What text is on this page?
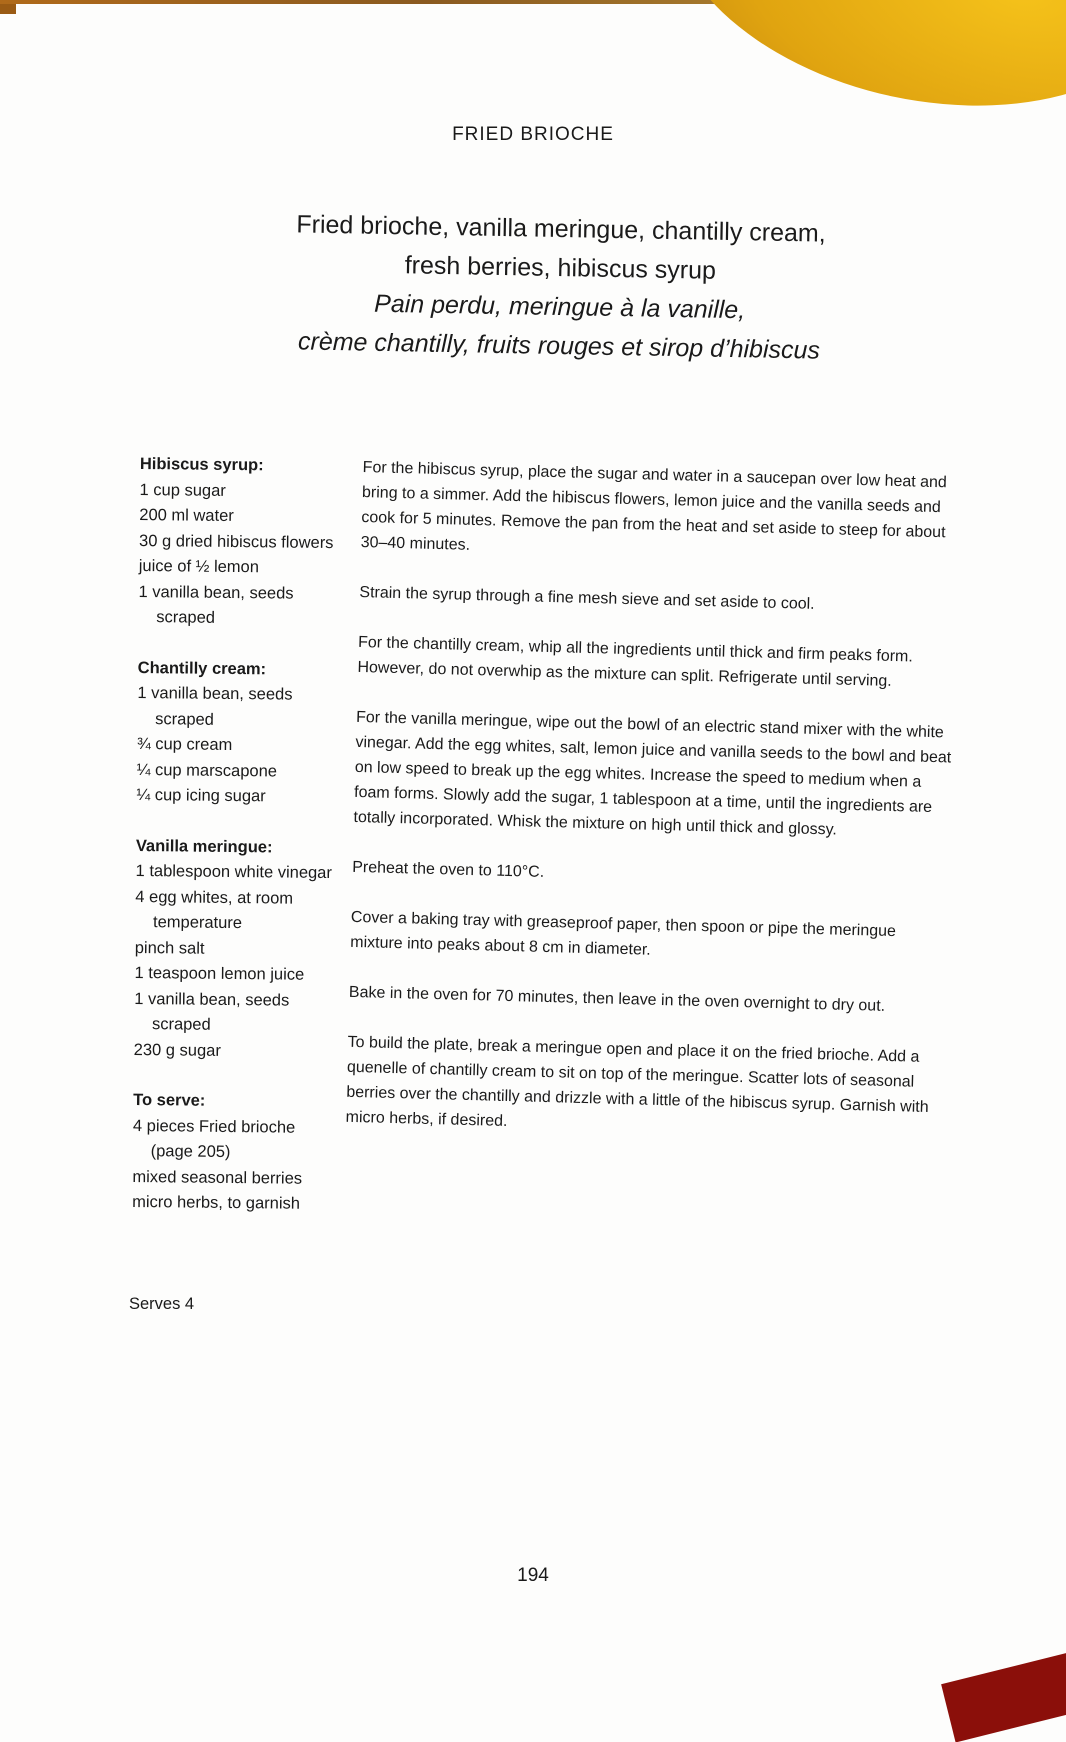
FRIED BRIOCHE
Fried brioche, vanilla meringue, chantilly cream,
fresh berries, hibiscus syrup
Pain perdu, meringue à la vanille,
crème chantilly, fruits rouges et sirop d’hibiscus
Hibiscus syrup:
1 cup sugar
200 ml water
30 g dried hibiscus flowers
juice of ½ lemon
1 vanilla bean, seeds scraped
Chantilly cream:
1 vanilla bean, seeds scraped
¾ cup cream
¼ cup marscapone
¼ cup icing sugar
Vanilla meringue:
1 tablespoon white vinegar
4 egg whites, at room temperature
pinch salt
1 teaspoon lemon juice
1 vanilla bean, seeds scraped
230 g sugar
To serve:
4 pieces Fried brioche (page 205)
mixed seasonal berries
micro herbs, to garnish
Serves 4

For the hibiscus syrup, place the sugar and water in a saucepan over low heat and bring to a simmer. Add the hibiscus flowers, lemon juice and the vanilla seeds and cook for 5 minutes. Remove the pan from the heat and set aside to steep for about 30–40 minutes.

Strain the syrup through a fine mesh sieve and set aside to cool.

For the chantilly cream, whip all the ingredients until thick and firm peaks form. However, do not overwhip as the mixture can split. Refrigerate until serving.

For the vanilla meringue, wipe out the bowl of an electric stand mixer with the white vinegar. Add the egg whites, salt, lemon juice and vanilla seeds to the bowl and beat on low speed to break up the egg whites. Increase the speed to medium when a foam forms. Slowly add the sugar, 1 tablespoon at a time, until the ingredients are totally incorporated. Whisk the mixture on high until thick and glossy.

Preheat the oven to 110°C.

Cover a baking tray with greaseproof paper, then spoon or pipe the meringue mixture into peaks about 8 cm in diameter.

Bake in the oven for 70 minutes, then leave in the oven overnight to dry out.

To build the plate, break a meringue open and place it on the fried brioche. Add a quenelle of chantilly cream to sit on top of the meringue. Scatter lots of seasonal berries over the chantilly and drizzle with a little of the hibiscus syrup. Garnish with micro herbs, if desired.

194
